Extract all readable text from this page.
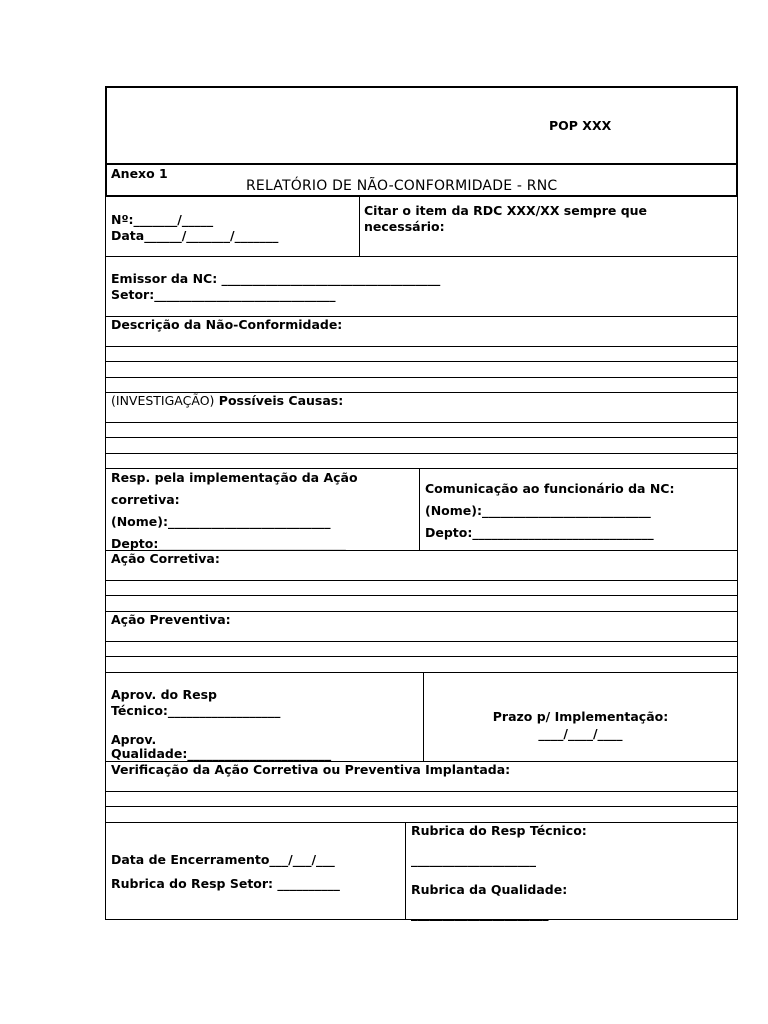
POP XXX
Anexo 1
RELATÓRIO DE NÃO-CONFORMIDADE - RNC
Nº:_______/_____
Data______/_______/_______
Citar o item da RDC XXX/XX sempre que
necessário:
Emissor da NC: ___________________________________
Setor:_____________________________
Descrição da Não-Conformidade:
(INVESTIGAÇÃO) Possíveis Causas:
Resp. pela implementação da Ação
corretiva:
(Nome):__________________________
Depto:______________________________
Comunicação ao funcionário da NC:
(Nome):___________________________
Depto:_____________________________
Ação Corretiva:
Ação Preventiva:
Aprov. do Resp
Técnico:__________________
Aprov.
Qualidade:_______________________
Prazo p/ Implementação:
____/____/____
Verificação da Ação Corretiva ou Preventiva Implantada:
Data de Encerramento___/___/___
Rubrica do Resp Setor: __________
Rubrica do Resp Técnico:
____________________
Rubrica da Qualidade:
______________________
